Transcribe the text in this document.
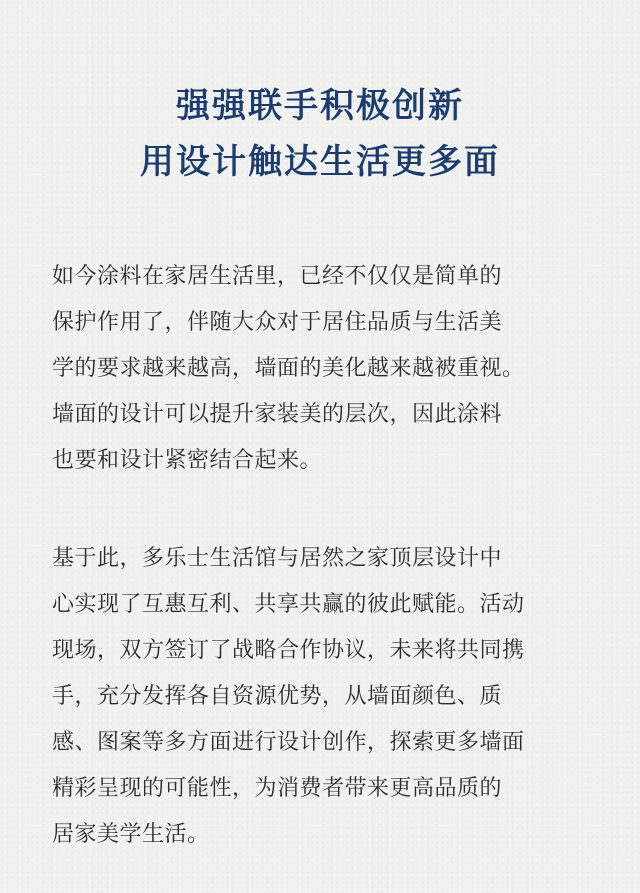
强强联手积极创新
用设计触达生活更多面
如今涂料在家居生活里，已经不仅仅是简单的
保护作用了，伴随大众对于居住品质与生活美
学的要求越来越高，墙面的美化越来越被重视。
墙面的设计可以提升家装美的层次，因此涂料
也要和设计紧密结合起来。
基于此，多乐士生活馆与居然之家顶层设计中
心实现了互惠互利、共享共赢的彼此赋能。活动
现场，双方签订了战略合作协议，未来将共同携
手，充分发挥各自资源优势，从墙面颜色、质
感、图案等多方面进行设计创作，探索更多墙面
精彩呈现的可能性，为消费者带来更高品质的
居家美学生活。
